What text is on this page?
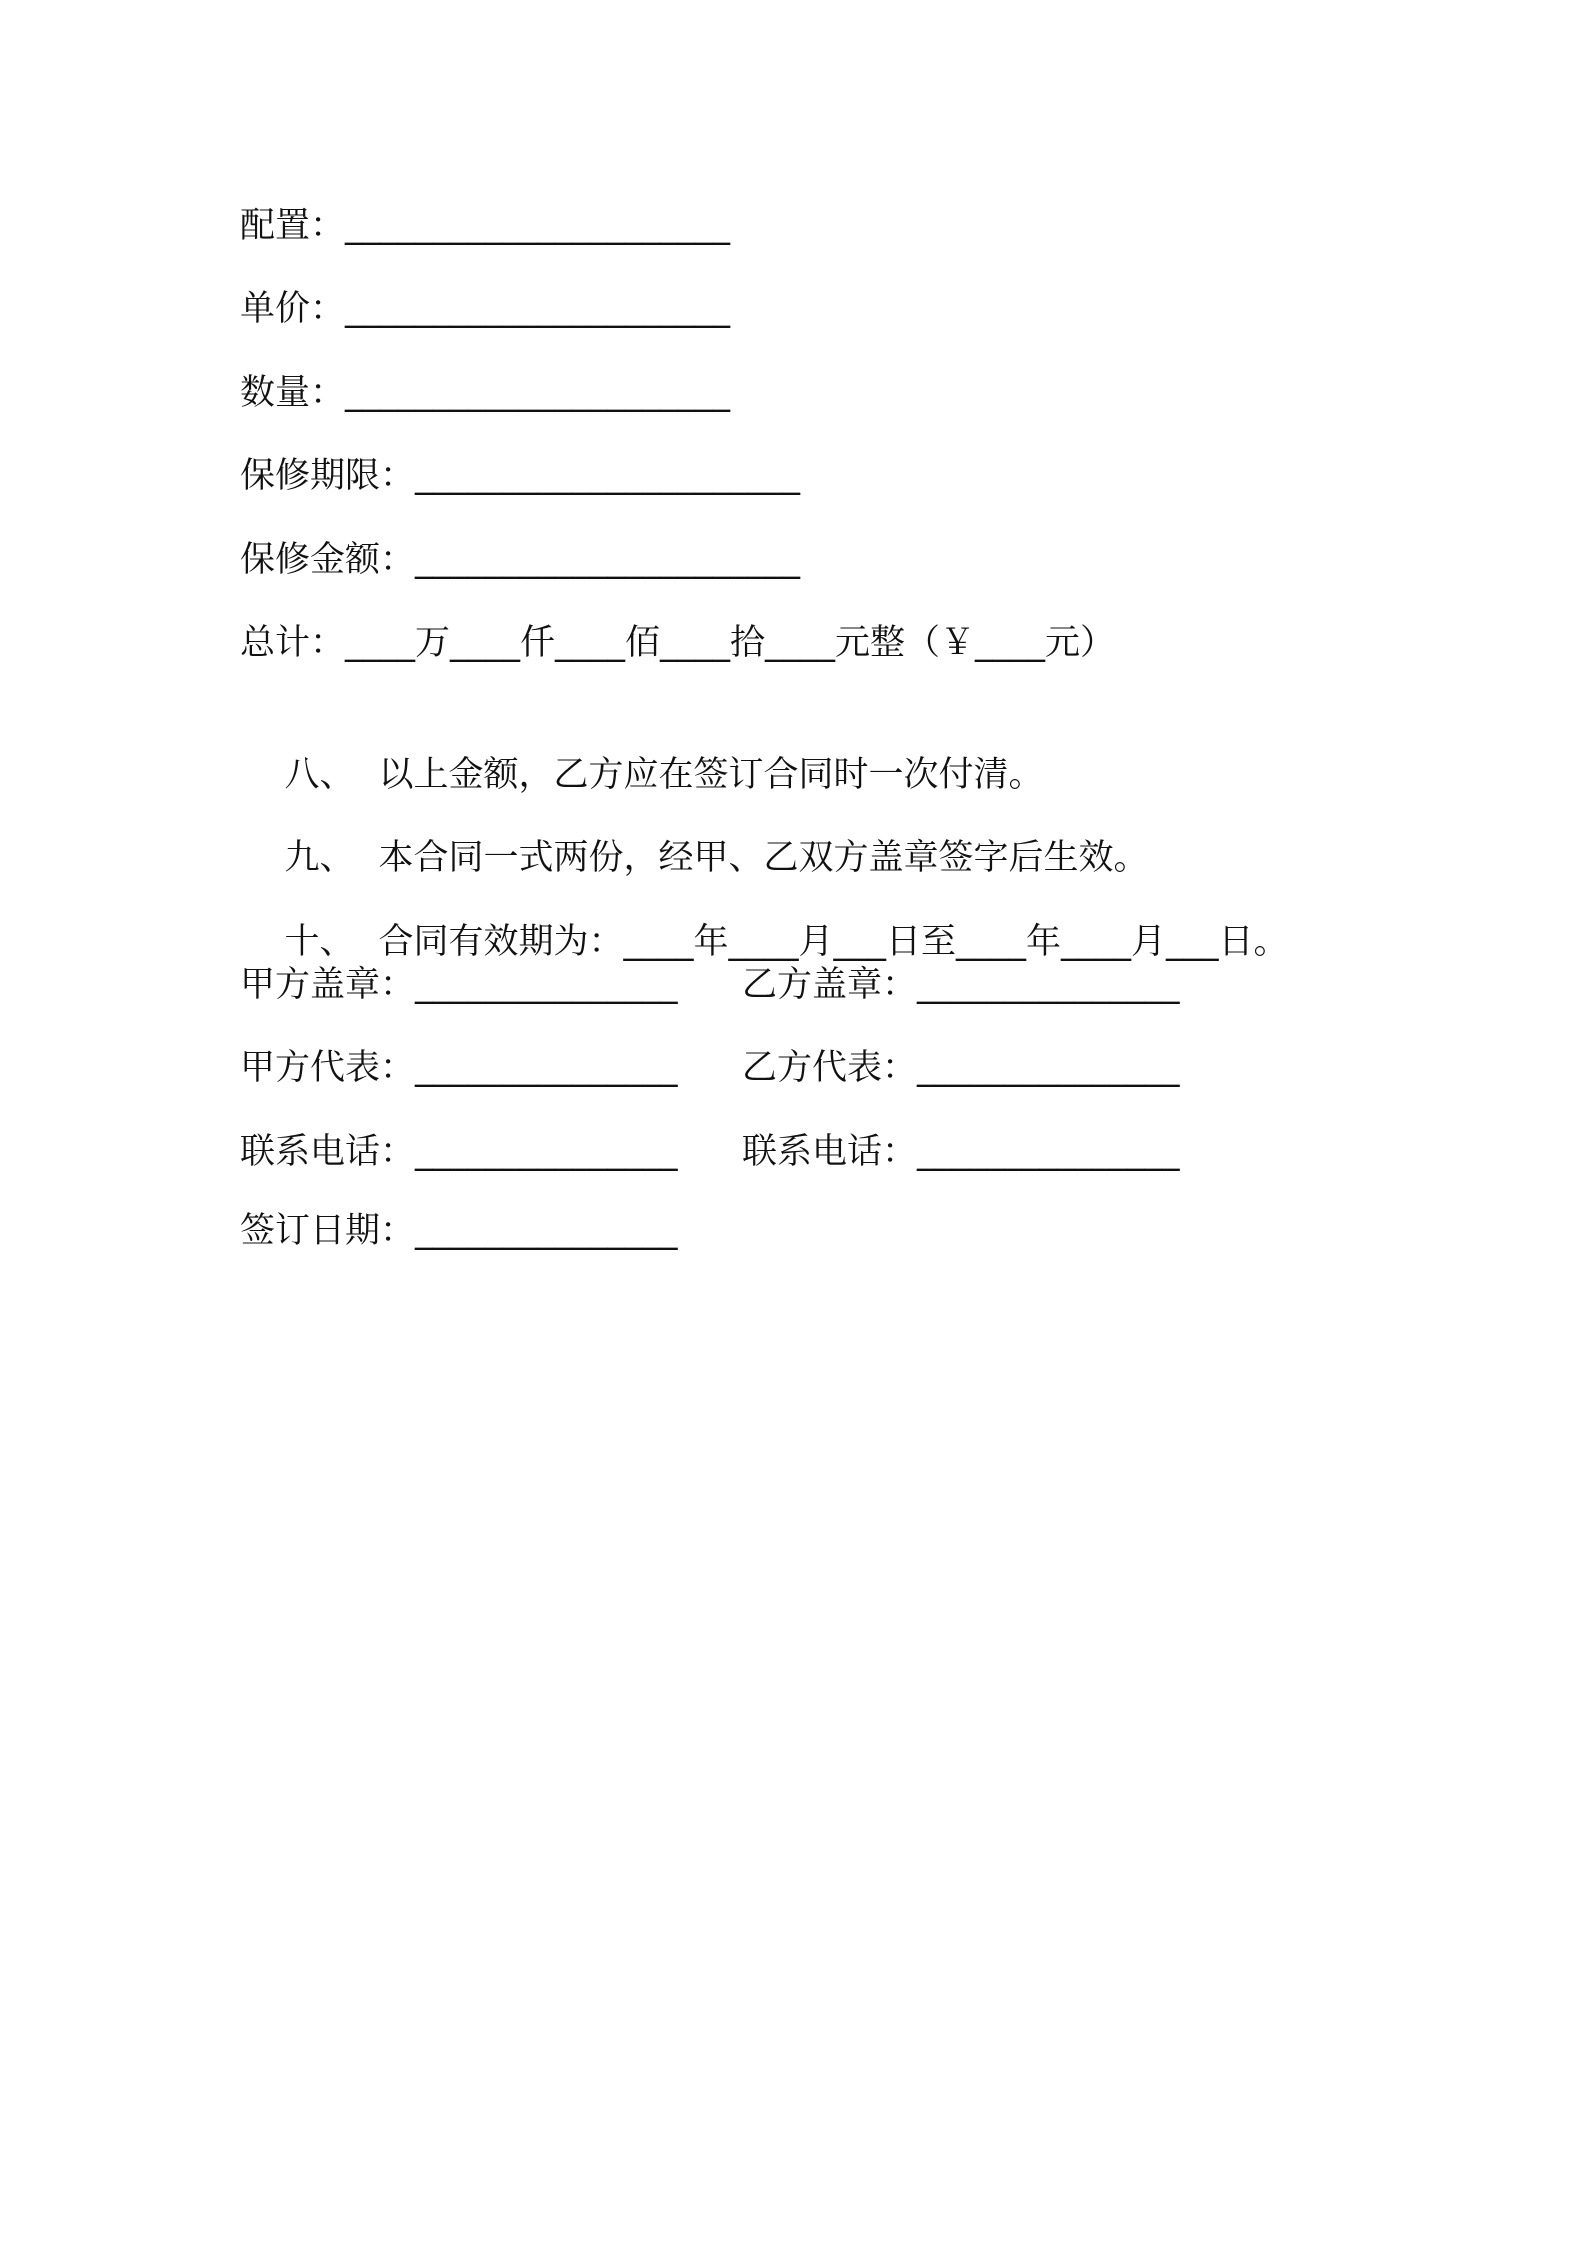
配置：______________________
单价：______________________
数量：______________________
保修期限：______________________
保修金额：______________________
总计：____万____仟____佰____拾____元整（￥____元）

八、 以上金额，乙方应在签订合同时一次付清。

九、 本合同一式两份，经甲、乙双方盖章签字后生效。

十、 合同有效期为：____年____月___日至____年____月___日。

甲方盖章：_______________ 乙方盖章：_______________
甲方代表：_______________ 乙方代表：_______________
联系电话：_______________ 联系电话：_______________
签订日期：_______________
